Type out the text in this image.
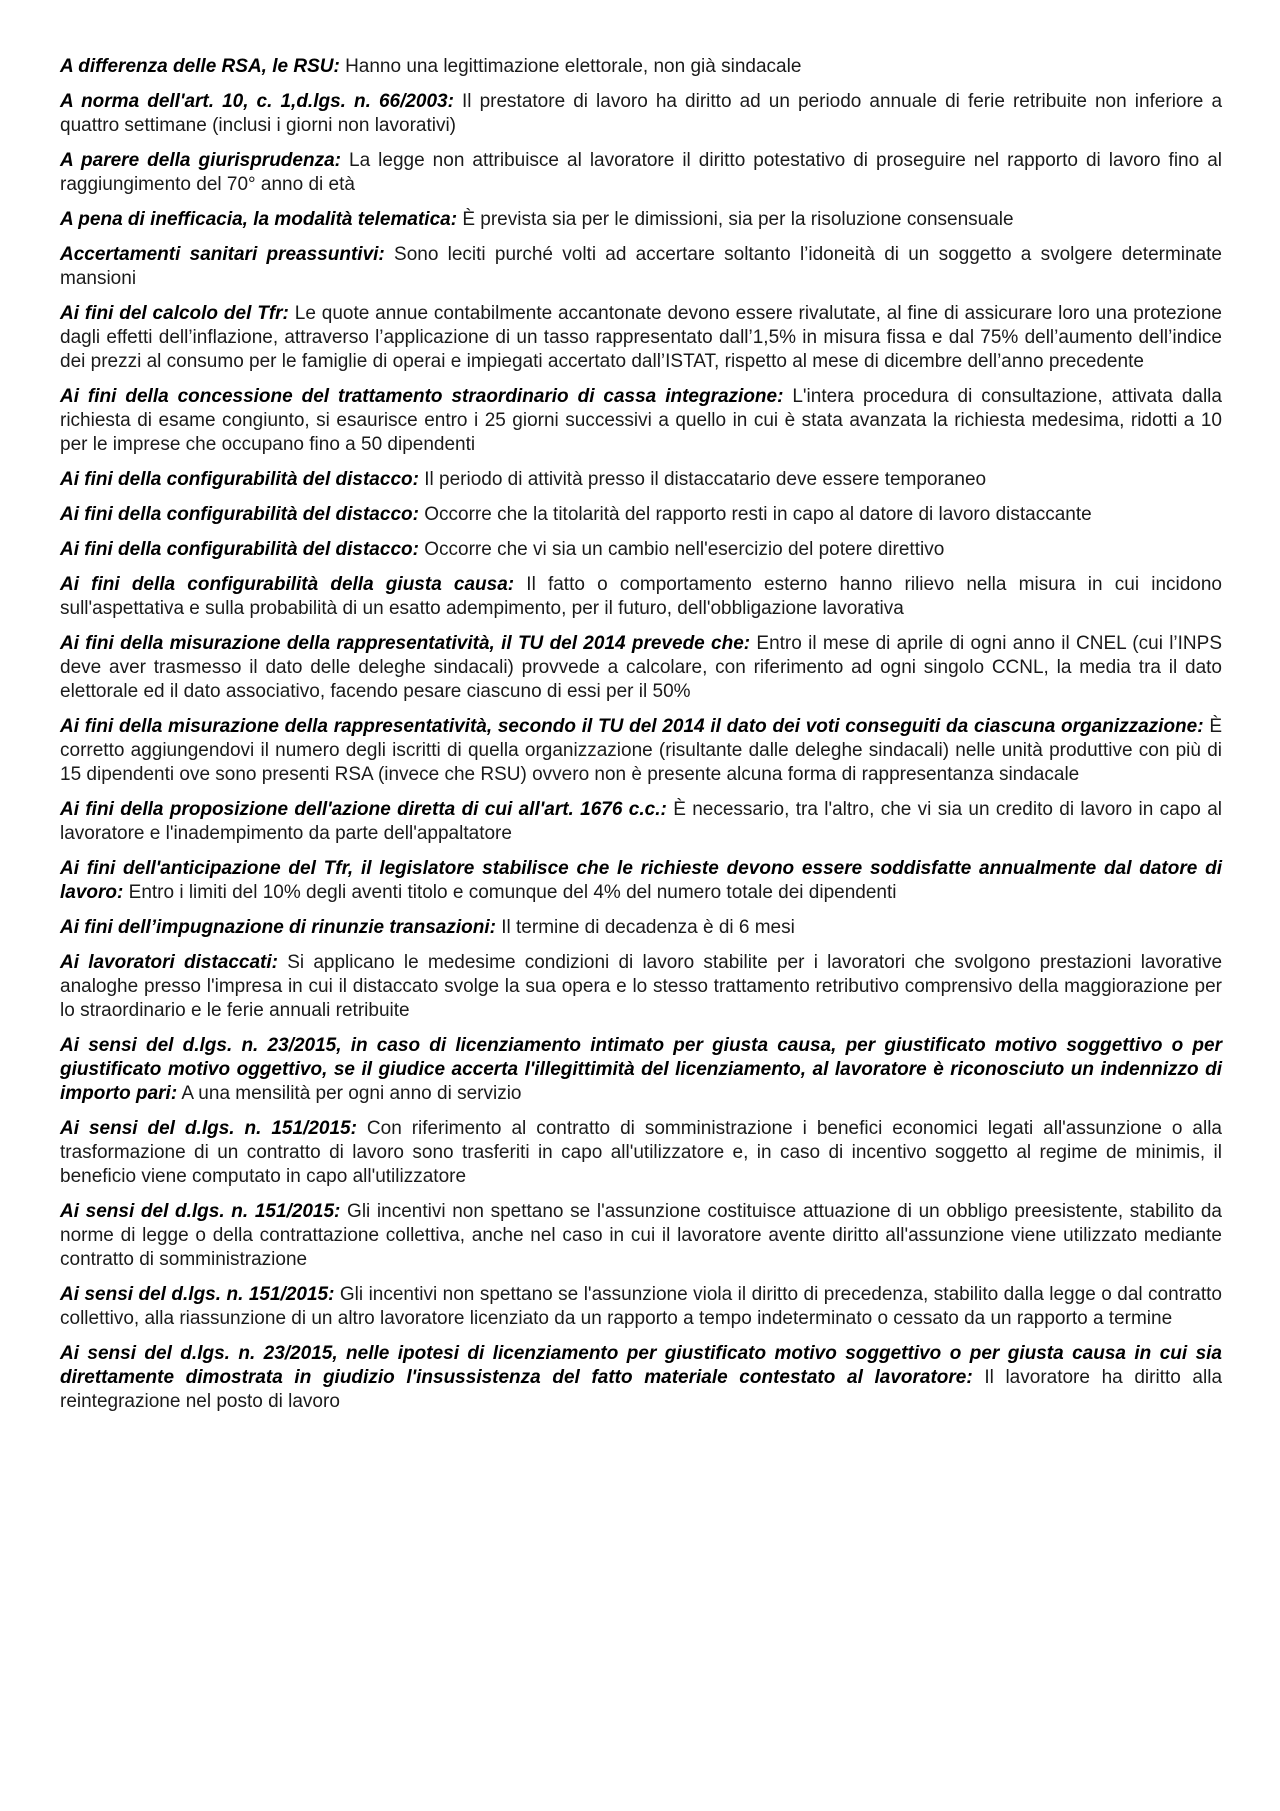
A differenza delle RSA, le RSU: Hanno una legittimazione elettorale, non già sindacale

A norma dell'art. 10, c. 1,d.lgs. n. 66/2003: Il prestatore di lavoro ha diritto ad un periodo annuale di ferie retribuite non inferiore a quattro settimane (inclusi i giorni non lavorativi)

A parere della giurisprudenza: La legge non attribuisce al lavoratore il diritto potestativo di proseguire nel rapporto di lavoro fino al raggiungimento del 70° anno di età

A pena di inefficacia, la modalità telematica: È prevista sia per le dimissioni, sia per la risoluzione consensuale

Accertamenti sanitari preassuntivi: Sono leciti purché volti ad accertare soltanto l’idoneità di un soggetto a svolgere determinate mansioni

Ai fini del calcolo del Tfr: Le quote annue contabilmente accantonate devono essere rivalutate, al fine di assicurare loro una protezione dagli effetti dell’inflazione, attraverso l’applicazione di un tasso rappresentato dall’1,5% in misura fissa e dal 75% dell’aumento dell’indice dei prezzi al consumo per le famiglie di operai e impiegati accertato dall’ISTAT, rispetto al mese di dicembre dell’anno precedente

Ai fini della concessione del trattamento straordinario di cassa integrazione: L'intera procedura di consultazione, attivata dalla richiesta di esame congiunto, si esaurisce entro i 25 giorni successivi a quello in cui è stata avanzata la richiesta medesima, ridotti a 10 per le imprese che occupano fino a 50 dipendenti

Ai fini della configurabilità del distacco: Il periodo di attività presso il distaccatario deve essere temporaneo

Ai fini della configurabilità del distacco: Occorre che la titolarità del rapporto resti in capo al datore di lavoro distaccante

Ai fini della configurabilità del distacco: Occorre che vi sia un cambio nell'esercizio del potere direttivo

Ai fini della configurabilità della giusta causa: Il fatto o comportamento esterno hanno rilievo nella misura in cui incidono sull'aspettativa e sulla probabilità di un esatto adempimento, per il futuro, dell'obbligazione lavorativa

Ai fini della misurazione della rappresentatività, il TU del 2014 prevede che: Entro il mese di aprile di ogni anno il CNEL (cui l’INPS deve aver trasmesso il dato delle deleghe sindacali) provvede a calcolare, con riferimento ad ogni singolo CCNL, la media tra il dato elettorale ed il dato associativo, facendo pesare ciascuno di essi per il 50%

Ai fini della misurazione della rappresentatività, secondo il TU del 2014 il dato dei voti conseguiti da ciascuna organizzazione: È corretto aggiungendovi il numero degli iscritti di quella organizzazione (risultante dalle deleghe sindacali) nelle unità produttive con più di 15 dipendenti ove sono presenti RSA (invece che RSU) ovvero non è presente alcuna forma di rappresentanza sindacale

Ai fini della proposizione dell'azione diretta di cui all'art. 1676 c.c.: È necessario, tra l'altro, che vi sia un credito di lavoro in capo al lavoratore e l'inadempimento da parte dell'appaltatore

Ai fini dell'anticipazione del Tfr, il legislatore stabilisce che le richieste devono essere soddisfatte annualmente dal datore di lavoro: Entro i limiti del 10% degli aventi titolo e comunque del 4% del numero totale dei dipendenti

Ai fini dell’impugnazione di rinunzie transazioni: Il termine di decadenza è di 6 mesi

Ai lavoratori distaccati: Si applicano le medesime condizioni di lavoro stabilite per i lavoratori che svolgono prestazioni lavorative analoghe presso l'impresa in cui il distaccato svolge la sua opera e lo stesso trattamento retributivo comprensivo della maggiorazione per lo straordinario e le ferie annuali retribuite

Ai sensi del d.lgs. n. 23/2015, in caso di licenziamento intimato per giusta causa, per giustificato motivo soggettivo o per giustificato motivo oggettivo, se il giudice accerta l'illegittimità del licenziamento, al lavoratore è riconosciuto un indennizzo di importo pari: A una mensilità per ogni anno di servizio

Ai sensi del d.lgs. n. 151/2015: Con riferimento al contratto di somministrazione i benefici economici legati all'assunzione o alla trasformazione di un contratto di lavoro sono trasferiti in capo all'utilizzatore e, in caso di incentivo soggetto al regime de minimis, il beneficio viene computato in capo all'utilizzatore

Ai sensi del d.lgs. n. 151/2015: Gli incentivi non spettano se l'assunzione costituisce attuazione di un obbligo preesistente, stabilito da norme di legge o della contrattazione collettiva, anche nel caso in cui il lavoratore avente diritto all'assunzione viene utilizzato mediante contratto di somministrazione

Ai sensi del d.lgs. n. 151/2015: Gli incentivi non spettano se l'assunzione viola il diritto di precedenza, stabilito dalla legge o dal contratto collettivo, alla riassunzione di un altro lavoratore licenziato da un rapporto a tempo indeterminato o cessato da un rapporto a termine

Ai sensi del d.lgs. n. 23/2015, nelle ipotesi di licenziamento per giustificato motivo soggettivo o per giusta causa in cui sia direttamente dimostrata in giudizio l'insussistenza del fatto materiale contestato al lavoratore: Il lavoratore ha diritto alla reintegrazione nel posto di lavoro
